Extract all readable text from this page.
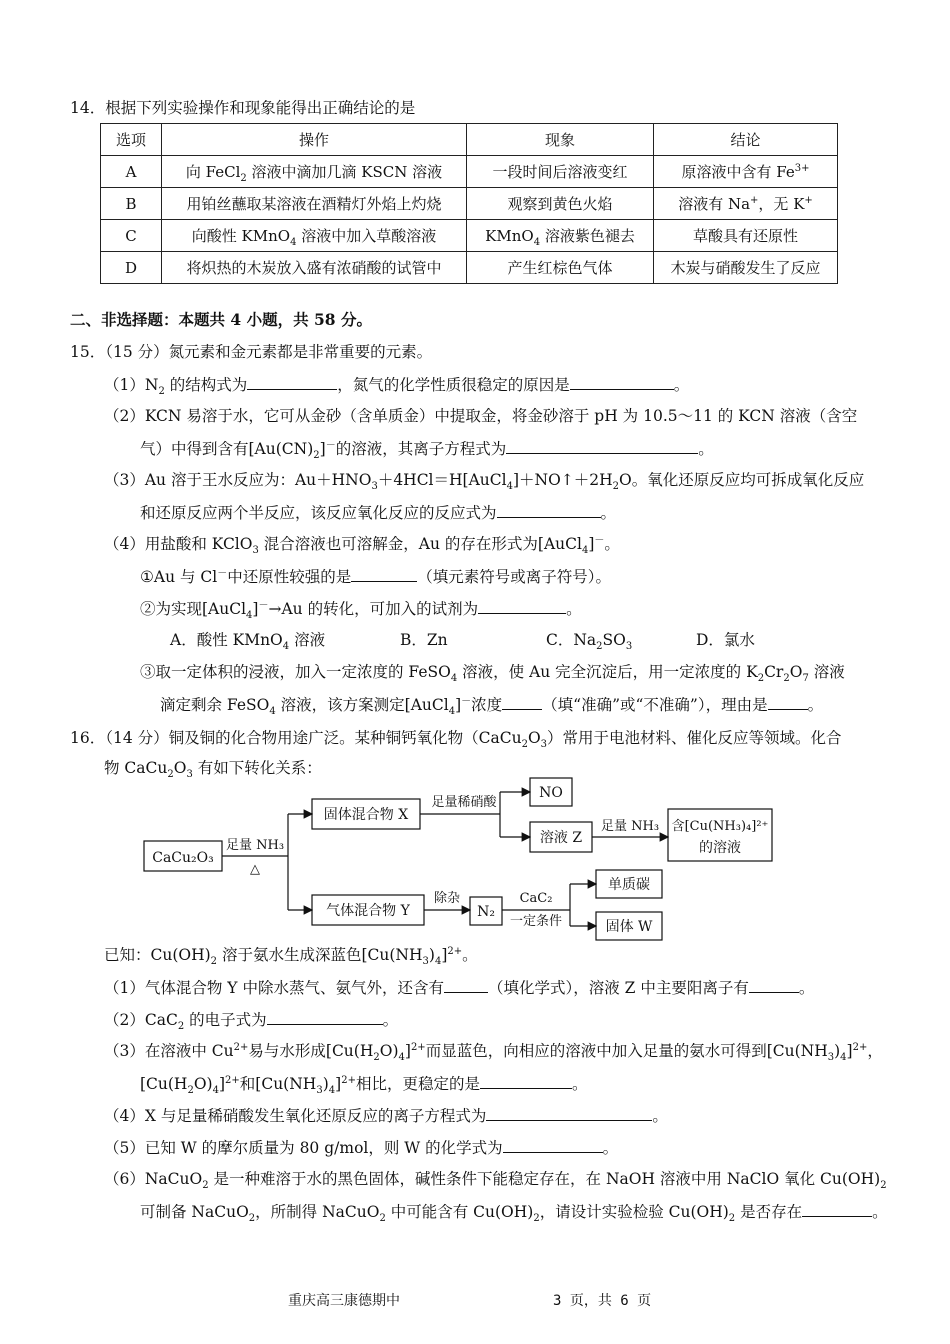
14．根据下列实验操作和现象能得出正确结论的是
选项	操作	现象	结论
A	向 FeCl$_2$ 溶液中滴加几滴 KSCN 溶液	一段时间后溶液变红	原溶液中含有 $Fe^{3+}$
B	用铂丝蘸取某溶液在酒精灯外焰上灼烧	观察到黄色火焰	溶液有 Na+，无 K+
C	向酸性 KMnO$_4$ 溶液中加入草酸溶液	KMnO$_4$ 溶液紫色褪去	草酸具有还原性
D	将炽热的木炭放入盛有浓硝酸的试管中	产生红棕色气体	木炭与硝酸发生了反应
二、非选择题：本题共 4 小题，共 58 分。
15．（15 分）氮元素和金元素都是非常重要的元素。
$(1)N_2$ 的结构式为	，氮气的化学性质很稳定的原因是	。
（2）KCN 易溶于水，它可从金砂（含单质金）中提取金，将金砂溶于 pH 为 10.5～11 的 KCN 溶液（含空
气）中得到含有$[Au(CN)_2]^-$的溶液，其离子方程式为	。
（3）Au 溶于王水反应为：$Au+HNO_3+4HCl=H[AuCl_4]+NO↑+2H_2O$。氧化还原反应均可拆成氧化反应
和还原反应两个半反应，该反应氧化反应的反应式为	。
（4）用盐酸和 KClO$_3$ 混合溶液也可溶解金，Au 的存在形式为[AuCl$_4$]－。
①Au 与 Cl－中还原性较强的是	（填元素符号或离子符号）。
②为实现[AuCl$_4$]－→Au 的转化，可加入的试剂为	。
A．酸性 KMnO$_4$ 溶液	B．Zn	C．$Na_2SO_3$	D．氯水
③取一定体积的浸液，加入一定浓度的 FeSO$_4$ 溶液，使 Au 完全沉淀后，用一定浓度的 $K_2Cr_2O_7$ 溶液
滴定剩余 FeSO$_4$ 溶液，该方案测定[AuCl$_4$]－浓度	（填“准确”或“不准确”），理由是	。
16．（14 分）铜及铜的化合物用途广泛。某种铜钙氧化物$(CaCu_2O_3)$常用于电池材料、催化反应等领域。化合
物 $CaCu_2O_3$ 有如下转化关系：
CaCu₂O₃
足量 NH₃
△
固体混合物 X
足量稀硝酸
NO
溶液 Z
足量 NH₃ 含[Cu(NH₃)₄]²⁺
的溶液
气体混合物 Y
除杂
N₂
CaC₂
一定条件
单质碳
固体 W
已知：$Cu(OH)_2$ 溶于氨水生成深蓝色$[Cu(NH_3)_4]^{2+}$。
（1）气体混合物 Y 中除水蒸气、氨气外，还含有	（填化学式），溶液 Z 中主要阳离子有	。
（2）CaC$_2$ 的电子式为	。
（3）在溶液中 $Cu^{2+}$易与水形成$[Cu(H_2O)_4]^{2+}$而显蓝色，向相应的溶液中加入足量的氨水可得到$[Cu(NH_3)_4]^{2+}$，
$[Cu(H_2O)_4]^{2+}$和$[Cu(NH_3)_4]^{2+}$相比，更稳定的是	。
（4）X 与足量稀硝酸发生氧化还原反应的离子方程式为	。
（5）已知 W 的摩尔质量为 80 g/mol，则 W 的化学式为	。
（6）NaCuO$_2$ 是一种难溶于水的黑色固体，碱性条件下能稳定存在，在 NaOH 溶液中用 NaClO 氧化 $Cu(OH)_2$
可制备 NaCuO$_2$，所制得 NaCuO$_2$ 中可能含有 $Cu(OH)_2$，请设计实验检验 $Cu(OH)_2$ 是否存在	。
重庆高三康德期中	3 页，共 6 页
